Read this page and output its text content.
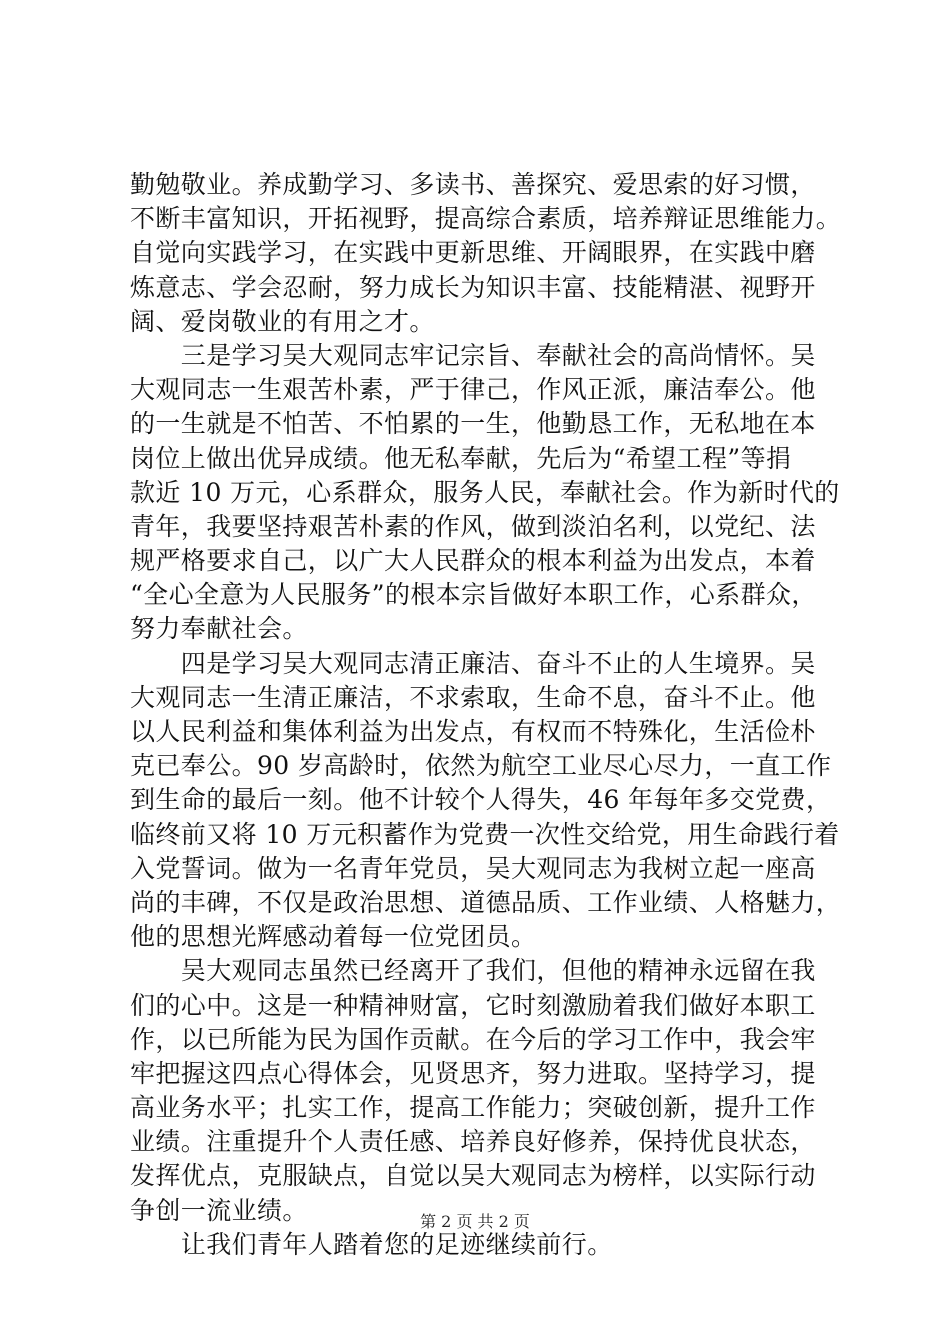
勤勉敬业。养成勤学习、多读书、善探究、爱思索的好习惯，
不断丰富知识，开拓视野，提高综合素质，培养辩证思维能力。
自觉向实践学习，在实践中更新思维、开阔眼界，在实践中磨
炼意志、学会忍耐，努力成长为知识丰富、技能精湛、视野开
阔、爱岗敬业的有用之才。
　　三是学习吴大观同志牢记宗旨、奉献社会的高尚情怀。吴
大观同志一生艰苦朴素，严于律己，作风正派，廉洁奉公。他
的一生就是不怕苦、不怕累的一生，他勤恳工作，无私地在本
岗位上做出优异成绩。他无私奉献，先后为“希望工程”等捐
款近 10 万元，心系群众，服务人民，奉献社会。作为新时代的
青年，我要坚持艰苦朴素的作风，做到淡泊名利，以党纪、法
规严格要求自己，以广大人民群众的根本利益为出发点，本着
“全心全意为人民服务”的根本宗旨做好本职工作，心系群众，
努力奉献社会。
　　四是学习吴大观同志清正廉洁、奋斗不止的人生境界。吴
大观同志一生清正廉洁，不求索取，生命不息，奋斗不止。他
以人民利益和集体利益为出发点，有权而不特殊化，生活俭朴
克已奉公。90 岁高龄时，依然为航空工业尽心尽力，一直工作
到生命的最后一刻。他不计较个人得失，46 年每年多交党费，
临终前又将 10 万元积蓄作为党费一次性交给党，用生命践行着
入党誓词。做为一名青年党员，吴大观同志为我树立起一座高
尚的丰碑，不仅是政治思想、道德品质、工作业绩、人格魅力，
他的思想光辉感动着每一位党团员。
　　吴大观同志虽然已经离开了我们，但他的精神永远留在我
们的心中。这是一种精神财富，它时刻激励着我们做好本职工
作，以已所能为民为国作贡献。在今后的学习工作中，我会牢
牢把握这四点心得体会，见贤思齐，努力进取。坚持学习，提
高业务水平；扎实工作，提高工作能力；突破创新，提升工作
业绩。注重提升个人责任感、培养良好修养，保持优良状态，
发挥优点，克服缺点，自觉以吴大观同志为榜样，以实际行动
争创一流业绩。
　　让我们青年人踏着您的足迹继续前行。
第 2 页 共 2 页
